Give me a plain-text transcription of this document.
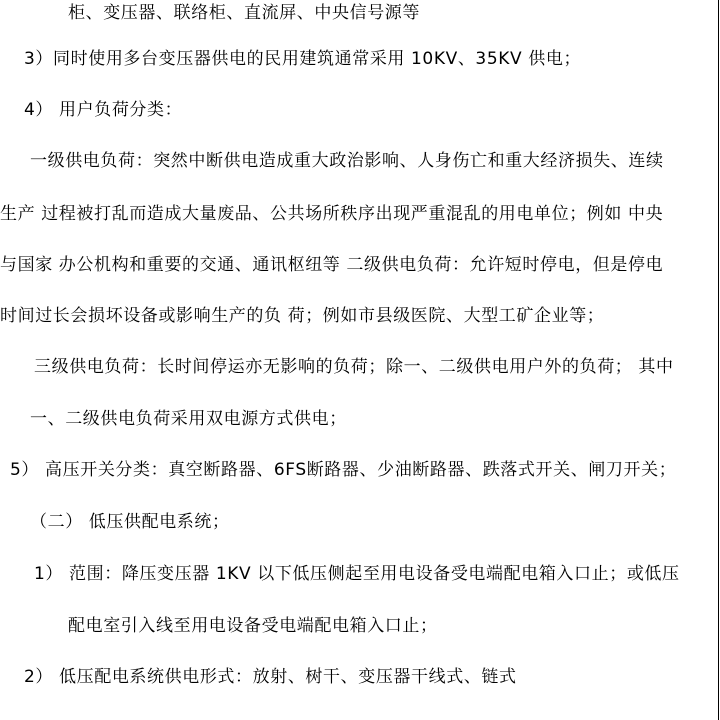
柜、变压器、联络柜、直流屏、中央信号源等
3）同时使用多台变压器供电的民用建筑通常采用 10KV、35KV 供电；
4） 用户负荷分类：
一级供电负荷：突然中断供电造成重大政治影响、人身伤亡和重大经济损失、连续
生产 过程被打乱而造成大量废品、公共场所秩序出现严重混乱的用电单位；例如 中央
与国家 办公机构和重要的交通、通讯枢纽等 二级供电负荷：允许短时停电，但是停电
时间过长会损坏设备或影响生产的负 荷；例如市县级医院、大型工矿企业等；
三级供电负荷：长时间停运亦无影响的负荷；除一、二级供电用户外的负荷； 其中
一、二级供电负荷采用双电源方式供电；
5） 高压开关分类：真空断路器、6FS断路器、少油断路器、跌落式开关、闸刀开关；
（二） 低压供配电系统；
1） 范围：降压变压器 1KV 以下低压侧起至用电设备受电端配电箱入口止；或低压
配电室引入线至用电设备受电端配电箱入口止；
2） 低压配电系统供电形式：放射、树干、变压器干线式、链式
